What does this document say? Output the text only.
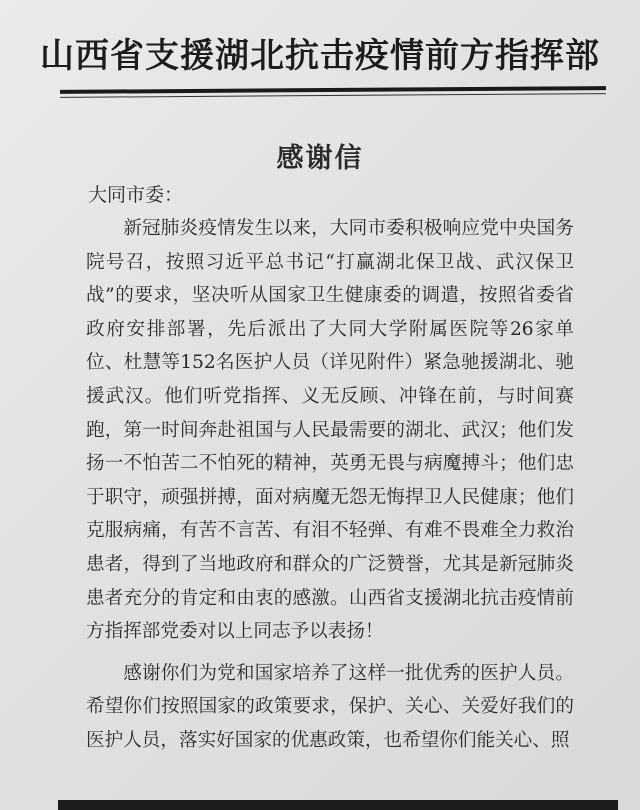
山西省支援湖北抗击疫情前方指挥部
感谢信
大同市委：

新冠肺炎疫情发生以来，大同市委积极响应党中央国务院号召，按照习近平总书记“打赢湖北保卫战、武汉保卫战”的要求，坚决听从国家卫生健康委的调遣，按照省委省政府安排部署，先后派出了大同大学附属医院等26家单位、杜慧等152名医护人员（详见附件）紧急驰援湖北、驰援武汉。他们听党指挥、义无反顾、冲锋在前，与时间赛跑，第一时间奔赴祖国与人民最需要的湖北、武汉；他们发扬一不怕苦二不怕死的精神，英勇无畏与病魔搏斗；他们忠于职守，顽强拼搏，面对病魔无怨无悔捍卫人民健康；他们克服病痛，有苦不言苦、有泪不轻弹、有难不畏难全力救治患者，得到了当地政府和群众的广泛赞誉，尤其是新冠肺炎患者充分的肯定和由衷的感激。山西省支援湖北抗击疫情前方指挥部党委对以上同志予以表扬！

感谢你们为党和国家培养了这样一批优秀的医护人员。希望你们按照国家的政策要求，保护、关心、关爱好我们的医护人员，落实好国家的优惠政策，也希望你们能关心、照
